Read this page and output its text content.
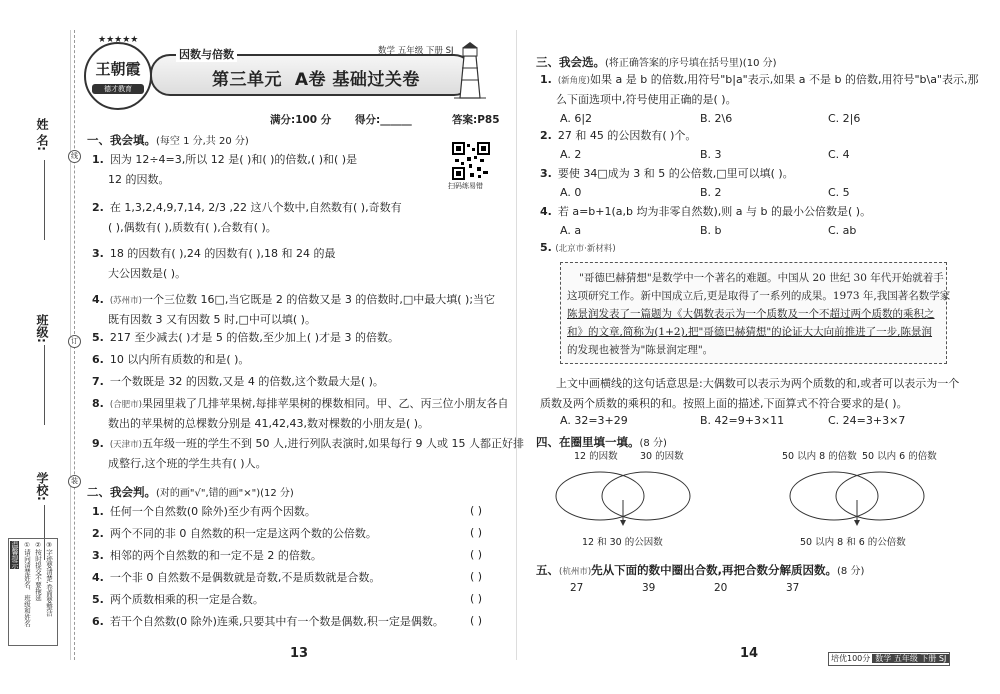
姓 名:
班级:
学校:
线
订
装
温馨提示 ①请向清楚姓名、班级和姓名 ②按时提交不要拖延 ③字迹要清楚,卷面要整洁
★★★★★
王朝霞
德才教育
因数与倍数	数学 五年级 下册 SJ
第三单元  A卷 基础过关卷
满分:100 分 得分:______	答案:P85
一、我会填。(每空 1 分,共 20 分)
扫码练易错
1. 因为 12÷4=3,所以 12 是( )和( )的倍数,( )和( )是
12 的因数。
2. 在 1,3,2,4,9,7,14, 2/3 ,22 这八个数中,自然数有( ),奇数有
( ),偶数有( ),质数有( ),合数有( )。
3. 18 的因数有( ),24 的因数有( ),18 和 24 的最
大公因数是( )。
4. (苏州市)一个三位数 16□,当它既是 2 的倍数又是 3 的倍数时,□中最大填( );当它
既有因数 3 又有因数 5 时,□中可以填( )。
5. 217 至少减去( )才是 5 的倍数,至少加上( )才是 3 的倍数。
6. 10 以内所有质数的和是( )。
7. 一个数既是 32 的因数,又是 4 的倍数,这个数最大是( )。
8. (合肥市)果园里栽了几排苹果树,每排苹果树的棵数相同。甲、乙、丙三位小朋友各自
数出的苹果树的总棵数分别是 41,42,43,数对棵数的小朋友是( )。
9. (天津市)五年级一班的学生不到 50 人,进行列队表演时,如果每行 9 人或 15 人都正好排
成整行,这个班的学生共有( )人。
二、我会判。(对的画"√",错的画"×")(12 分)
1. 任何一个自然数(0 除外)至少有两个因数。	( )
2. 两个不同的非 0 自然数的积一定是这两个数的公倍数。	( )
3. 相邻的两个自然数的和一定不是 2 的倍数。	( )
4. 一个非 0 自然数不是偶数就是奇数,不是质数就是合数。	( )
5. 两个质数相乘的积一定是合数。	( )
6. 若干个自然数(0 除外)连乘,只要其中有一个数是偶数,积一定是偶数。 ( )
13
三、我会选。(将正确答案的序号填在括号里)(10 分)
1. (新角度)如果 a 是 b 的倍数,用符号"b|a"表示,如果 a 不是 b 的倍数,用符号"b\a"表示,那
么下面选项中,符号使用正确的是( )。
A. 6|2	B. 2\6	C. 2|6
2. 27 和 45 的公因数有( )个。
A. 2	B. 3	C. 4
3. 要使 34□成为 3 和 5 的公倍数,□里可以填( )。
A. 0	B. 2	C. 5
4. 若 a=b+1(a,b 均为非零自然数),则 a 与 b 的最小公倍数是( )。
A. a	B. b	C. ab
5. (北京市·新材料)
"哥德巴赫猜想"是数学中一个著名的难题。中国从 20 世纪 30 年代开始就着手
这项研究工作。新中国成立后,更是取得了一系列的成果。1973 年,我国著名数学家
陈景润发表了一篇题为《大偶数表示为一个质数及一个不超过两个质数的乘积之
和》的文章,简称为(1+2),把"哥德巴赫猜想"的论证大大向前推进了一步,陈景润
的发现也被誉为"陈景润定理"。
上文中画横线的这句话意思是:大偶数可以表示为两个质数的和,或者可以表示为一个
质数及两个质数的乘积的和。按照上面的描述,下面算式不符合要求的是( )。
A. 32=3+29	B. 42=9+3×11	C. 24=3+3×7
四、在圈里填一填。(8 分)
12 的因数 30 的因数
12 和 30 的公因数
50 以内 8 的倍数 50 以内 6 的倍数
50 以内 8 和 6 的公倍数
五、(杭州市)先从下面的数中圈出合数,再把合数分解质因数。(8 分)
27	39	20	37
14	培优100分 数学 五年级 下册 SJ
